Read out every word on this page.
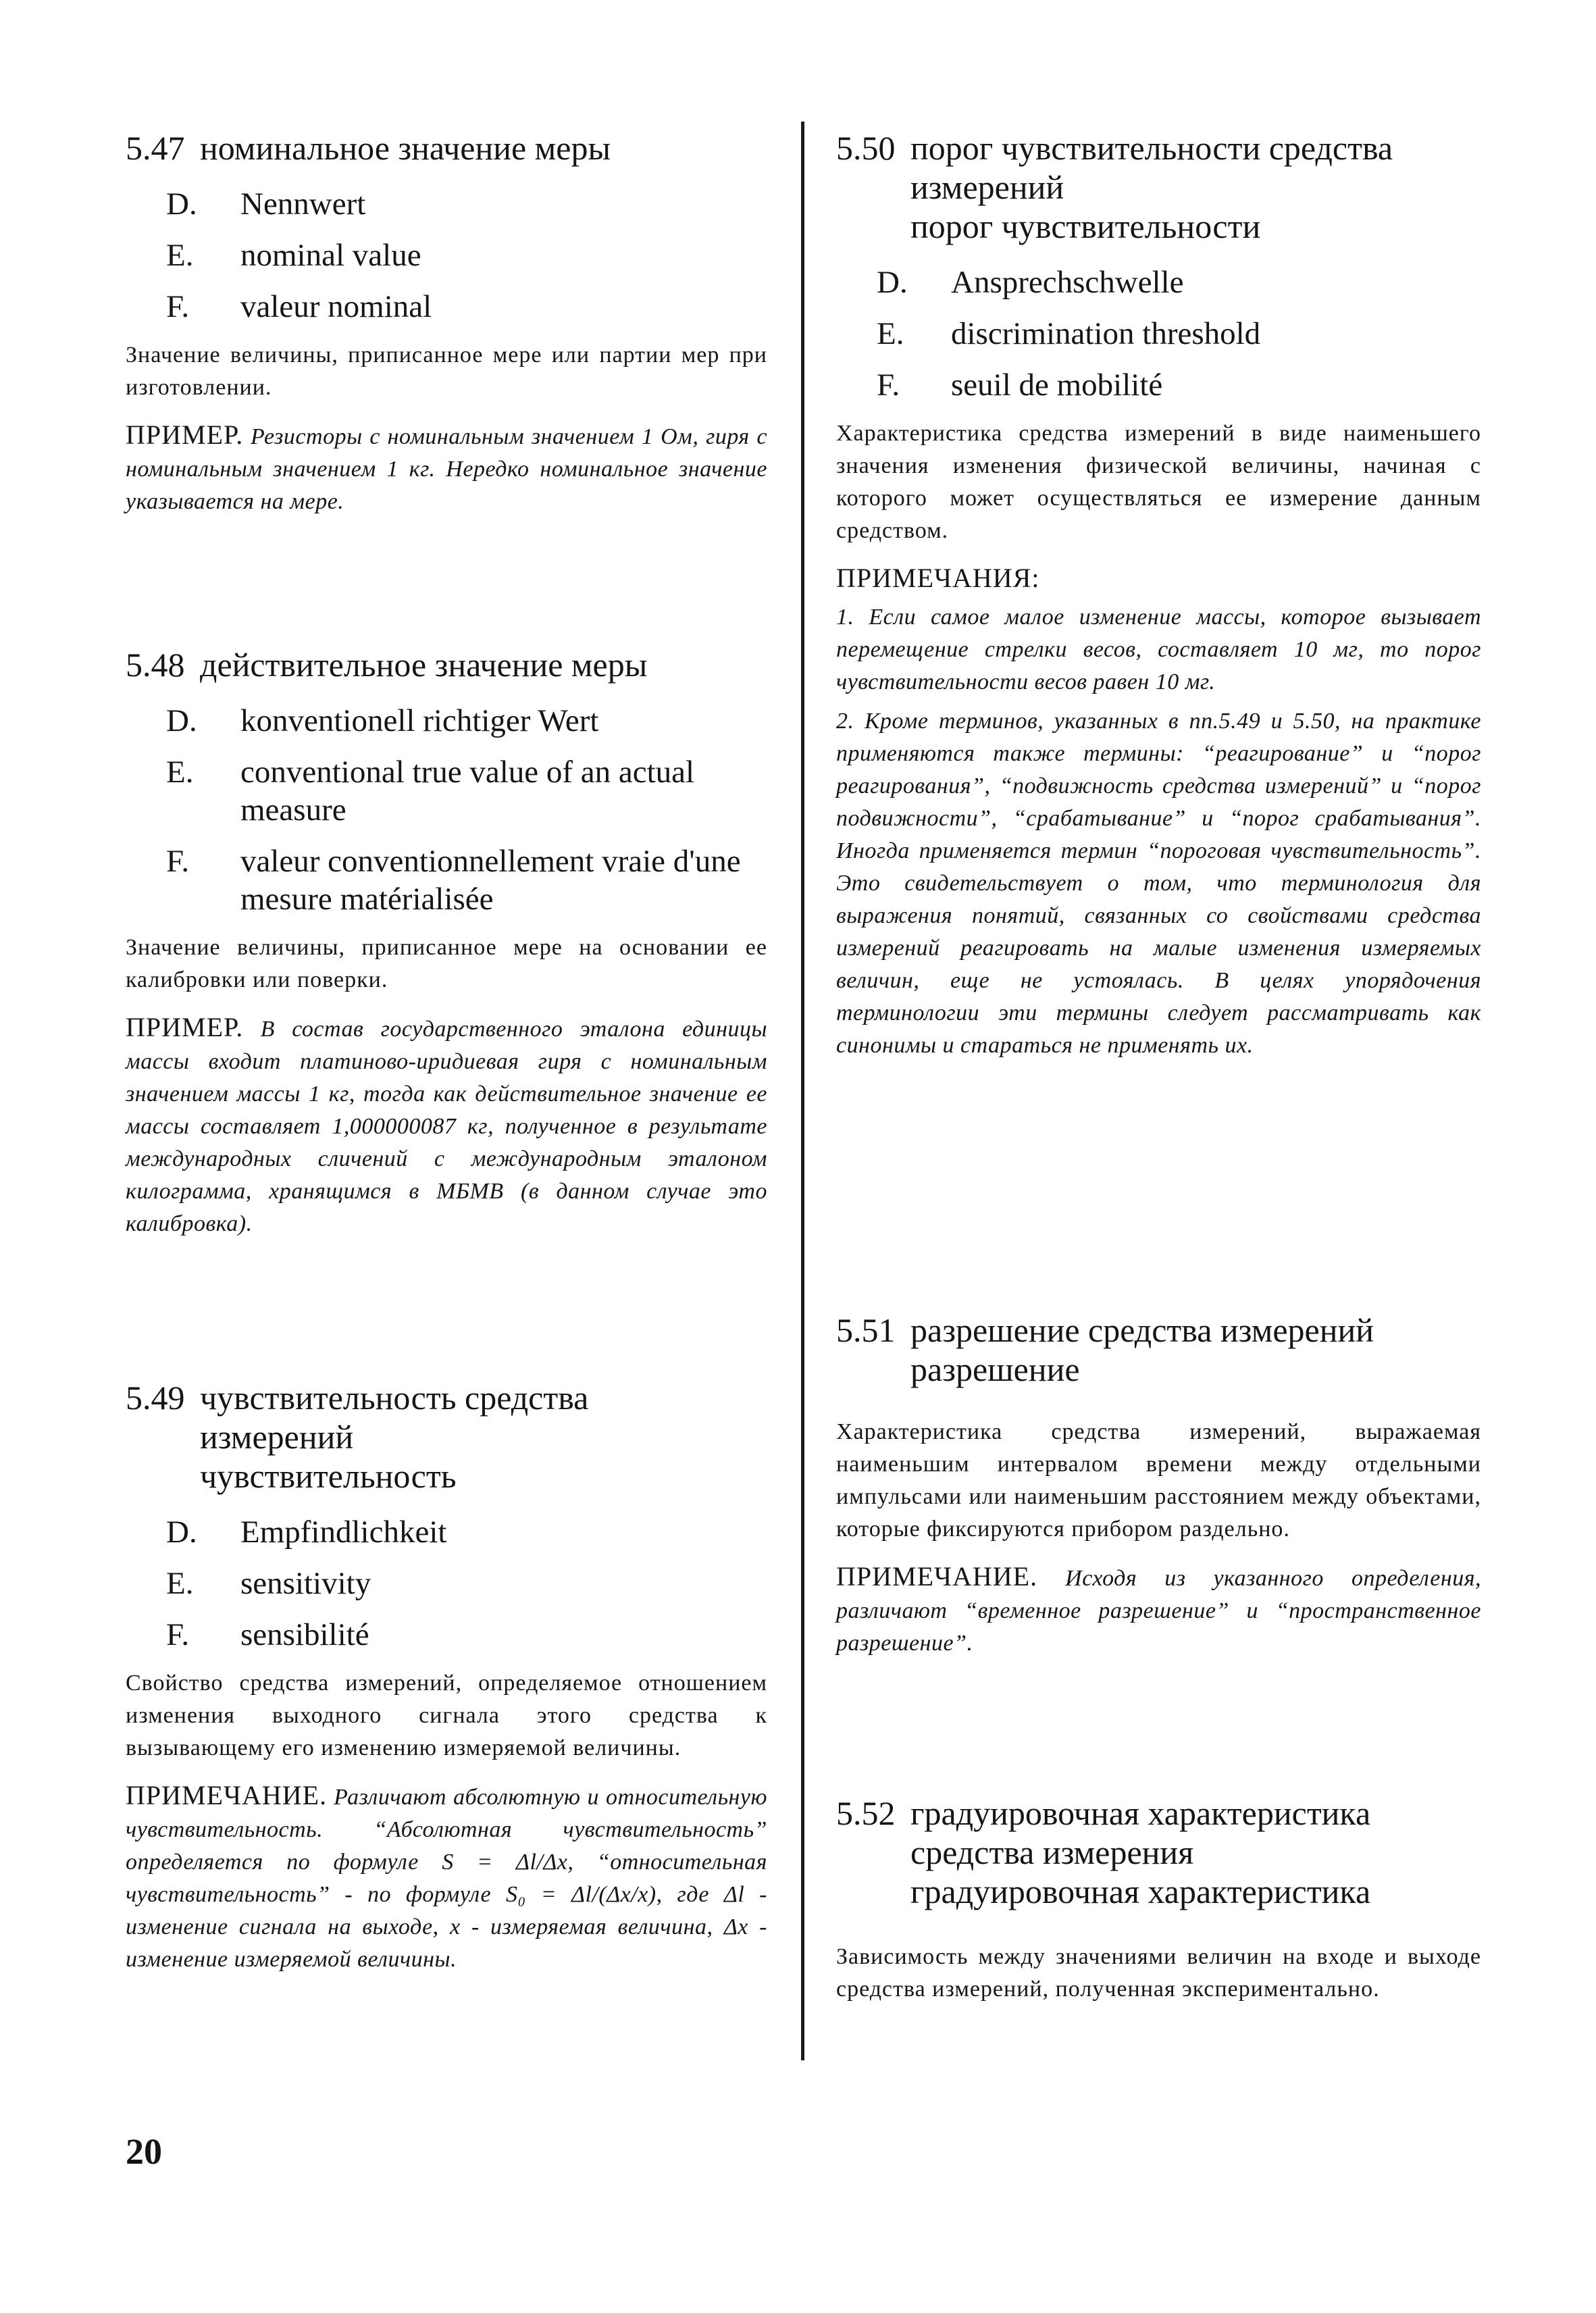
5.47 номинальное значение меры
D. Nennwert
E. nominal value
F. valeur nominal
Значение величины, приписанное мере или партии мер при изготовлении.
ПРИМЕР. Резисторы с номинальным значением 1 Ом, гиря с номинальным значением 1 кг. Нередко номинальное значение указывается на мере.
5.48 действительное значение меры
D. konventionell richtiger Wert
E. conventional true value of an actual measure
F. valeur conventionnellement vraie d'une mesure matérialisée
Значение величины, приписанное мере на основании ее калибровки или поверки.
ПРИМЕР. В состав государственного эталона единицы массы входит платиново-иридиевая гиря с номинальным значением массы 1 кг, тогда как действительное значение ее массы составляет 1,000000087 кг, полученное в результате международных сличений с международным эталоном килограмма, хранящимся в МБМВ (в данном случае это калибровка).
5.49 чувствительность средства
измерений
чувствительность
D. Empfindlichkeit
E. sensitivity
F. sensibilité
Свойство средства измерений, определяемое отношением изменения выходного сигнала этого средства к вызывающему его изменению измеряемой величины.
ПРИМЕЧАНИЕ. Различают абсолютную и относительную чувствительность. “Абсолютная чувствительность” определяется по формуле S = Δl/Δx, “относительная чувствительность” - по формуле S₀ = Δl/(Δx/x), где Δl - изменение сигнала на выходе, x - измеряемая величина, Δx - изменение измеряемой величины.
5.50 порог чувствительности средства
измерений
порог чувствительности
D. Ansprechschwelle
E. discrimination threshold
F. seuil de mobilité
Характеристика средства измерений в виде наименьшего значения изменения физической величины, начиная с которого может осуществляться ее измерение данным средством.
ПРИМЕЧАНИЯ:
1. Если самое малое изменение массы, которое вызывает перемещение стрелки весов, составляет 10 мг, то порог чувствительности весов равен 10 мг.
2. Кроме терминов, указанных в пп.5.49 и 5.50, на практике применяются также термины: “реагирование” и “порог реагирования”, “подвижность средства измерений” и “порог подвижности”, “срабатывание” и “порог срабатывания”. Иногда применяется термин “пороговая чувствительность”. Это свидетельствует о том, что терминология для выражения понятий, связанных со свойствами средства измерений реагировать на малые изменения измеряемых величин, еще не устоялась. В целях упорядочения терминологии эти термины следует рассматривать как синонимы и стараться не применять их.
5.51 разрешение средства измерений
разрешение
Характеристика средства измерений, выражаемая наименьшим интервалом времени между отдельными импульсами или наименьшим расстоянием между объектами, которые фиксируются прибором раздельно.
ПРИМЕЧАНИЕ. Исходя из указанного определения, различают “временное разрешение” и “пространственное разрешение”.
5.52 градуировочная характеристика
средства измерения
градуировочная характеристика
Зависимость между значениями величин на входе и выходе средства измерений, полученная экспериментально.
20
